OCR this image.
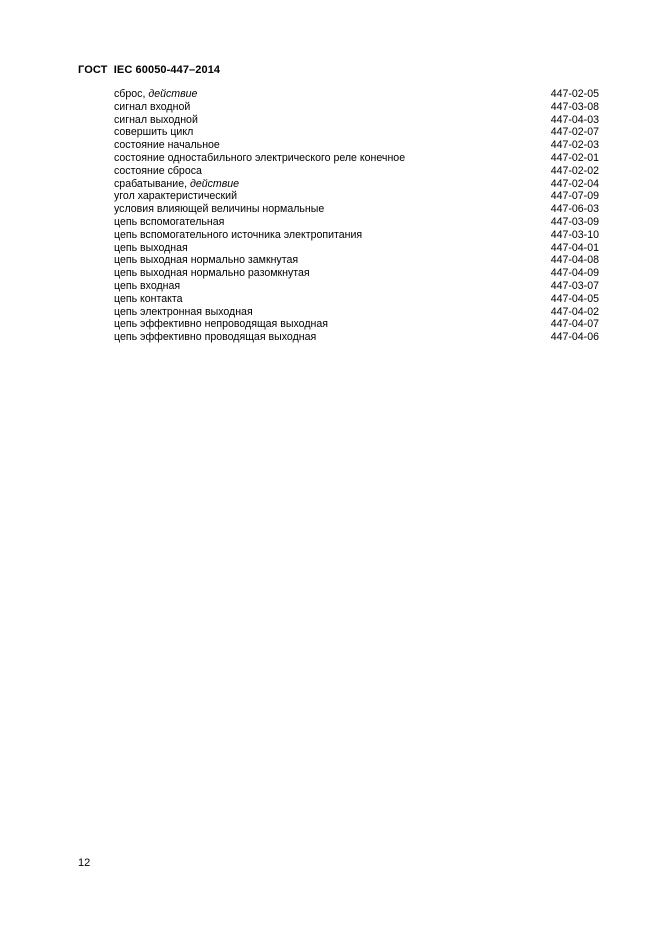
ГОСТ  IEC 60050-447–2014
сброс, действие	447-02-05
сигнал входной	447-03-08
сигнал выходной	447-04-03
совершить цикл	447-02-07
состояние начальное	447-02-03
состояние одностабильного электрического реле конечное	447-02-01
состояние сброса	447-02-02
срабатывание, действие	447-02-04
угол характеристический	447-07-09
условия влияющей величины нормальные	447-06-03
цепь вспомогательная	447-03-09
цепь вспомогательного источника электропитания	447-03-10
цепь выходная	447-04-01
цепь выходная нормально замкнутая	447-04-08
цепь выходная нормально разомкнутая	447-04-09
цепь входная	447-03-07
цепь контакта	447-04-05
цепь электронная выходная	447-04-02
цепь эффективно непроводящая выходная	447-04-07
цепь эффективно проводящая выходная	447-04-06
12
